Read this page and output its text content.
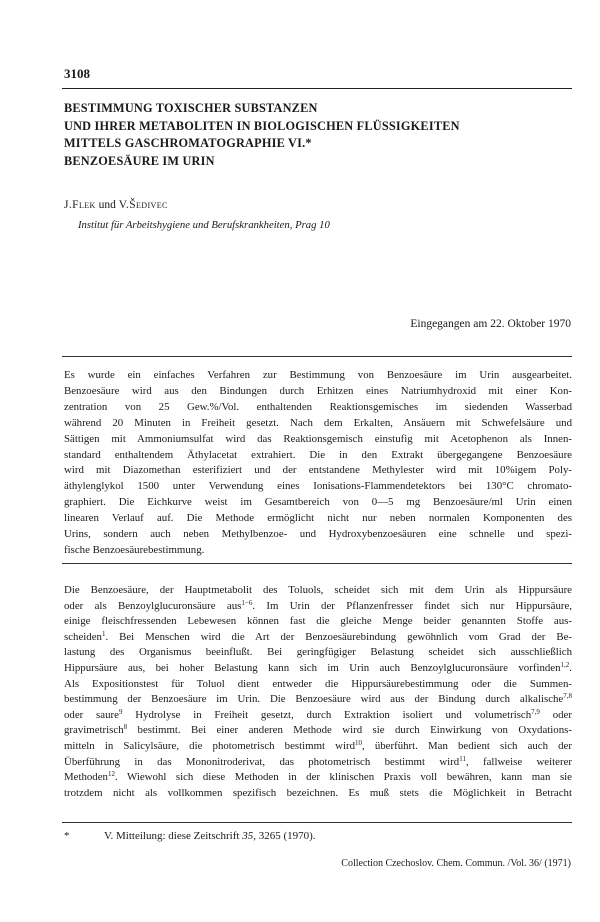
3108
BESTIMMUNG TOXISCHER SUBSTANZEN
UND IHRER METABOLITEN IN BIOLOGISCHEN FLÜSSIGKEITEN
MITTELS GASCHROMATOGRAPHIE VI.*
BENZOESÄURE IM URIN
J.Flek und V.Šedivec
Institut für Arbeitshygiene und Berufskrankheiten, Prag 10
Eingegangen am 22. Oktober 1970
Es wurde ein einfaches Verfahren zur Bestimmung von Benzoesäure im Urin ausgearbeitet.
Benzoesäure wird aus den Bindungen durch Erhitzen eines Natriumhydroxid mit einer Kon-
zentration von 25 Gew.%/Vol. enthaltenden Reaktionsgemisches im siedenden Wasserbad
während 20 Minuten in Freiheit gesetzt. Nach dem Erkalten, Ansäuern mit Schwefelsäure und
Sättigen mit Ammoniumsulfat wird das Reaktionsgemisch einstufig mit Acetophenon als Innen-
standard enthaltendem Äthylacetat extrahiert. Die in den Extrakt übergegangene Benzoesäure
wird mit Diazomethan esterifiziert und der entstandene Methylester wird mit 10%igem Poly-
äthylenglykol 1500 unter Verwendung eines Ionisations-Flammendetektors bei 130°C chromato-
graphiert. Die Eichkurve weist im Gesamtbereich von 0—5 mg Benzoesäure/ml Urin einen
linearen Verlauf auf. Die Methode ermöglicht nicht nur neben normalen Komponenten des
Urins, sondern auch neben Methylbenzoe- und Hydroxybenzoesäuren eine schnelle und spezi-
fische Benzoesäurebestimmung.
Die Benzoesäure, der Hauptmetabolit des Toluols, scheidet sich mit dem Urin als Hippursäure
oder als Benzoylglucuronsäure aus$^{1-6}$. Im Urin der Pflanzenfresser findet sich nur Hippursäure,
einige fleischfressenden Lebewesen können fast die gleiche Menge beider genannten Stoffe aus-
scheiden$^1$. Bei Menschen wird die Art der Benzoesäurebindung gewöhnlich vom Grad der Be-
lastung des Organismus beeinflußt. Bei geringfügiger Belastung scheidet sich ausschließlich
Hippursäure aus, bei hoher Belastung kann sich im Urin auch Benzoylglucuronsäure vorfinden$^{1,2}$.
Als Expositionstest für Toluol dient entweder die Hippursäurebestimmung oder die Summen-
bestimmung der Benzoesäure im Urin. Die Benzoesäure wird aus der Bindung durch alkalische$^{7,8}$
oder saure$^9$ Hydrolyse in Freiheit gesetzt, durch Extraktion isoliert und volumetrisch$^{7,9}$ oder
gravimetrisch$^8$ bestimmt. Bei einer anderen Methode wird sie durch Einwirkung von Oxydations-
mitteln in Salicylsäure, die photometrisch bestimmt wird$^{10}$, überführt. Man bedient sich auch der
Überführung in das Mononitroderivat, das photometrisch bestimmt wird$^{11}$, fallweise weiterer
Methoden$^{12}$. Wiewohl sich diese Methoden in der klinischen Praxis voll bewähren, kann man sie
trotzdem nicht als vollkommen spezifisch bezeichnen. Es muß stets die Möglichkeit in Betracht
*	V. Mitteilung: diese Zeitschrift 35, 3265 (1970).
Collection Czechoslov. Chem. Commun. /Vol. 36/ (1971)
